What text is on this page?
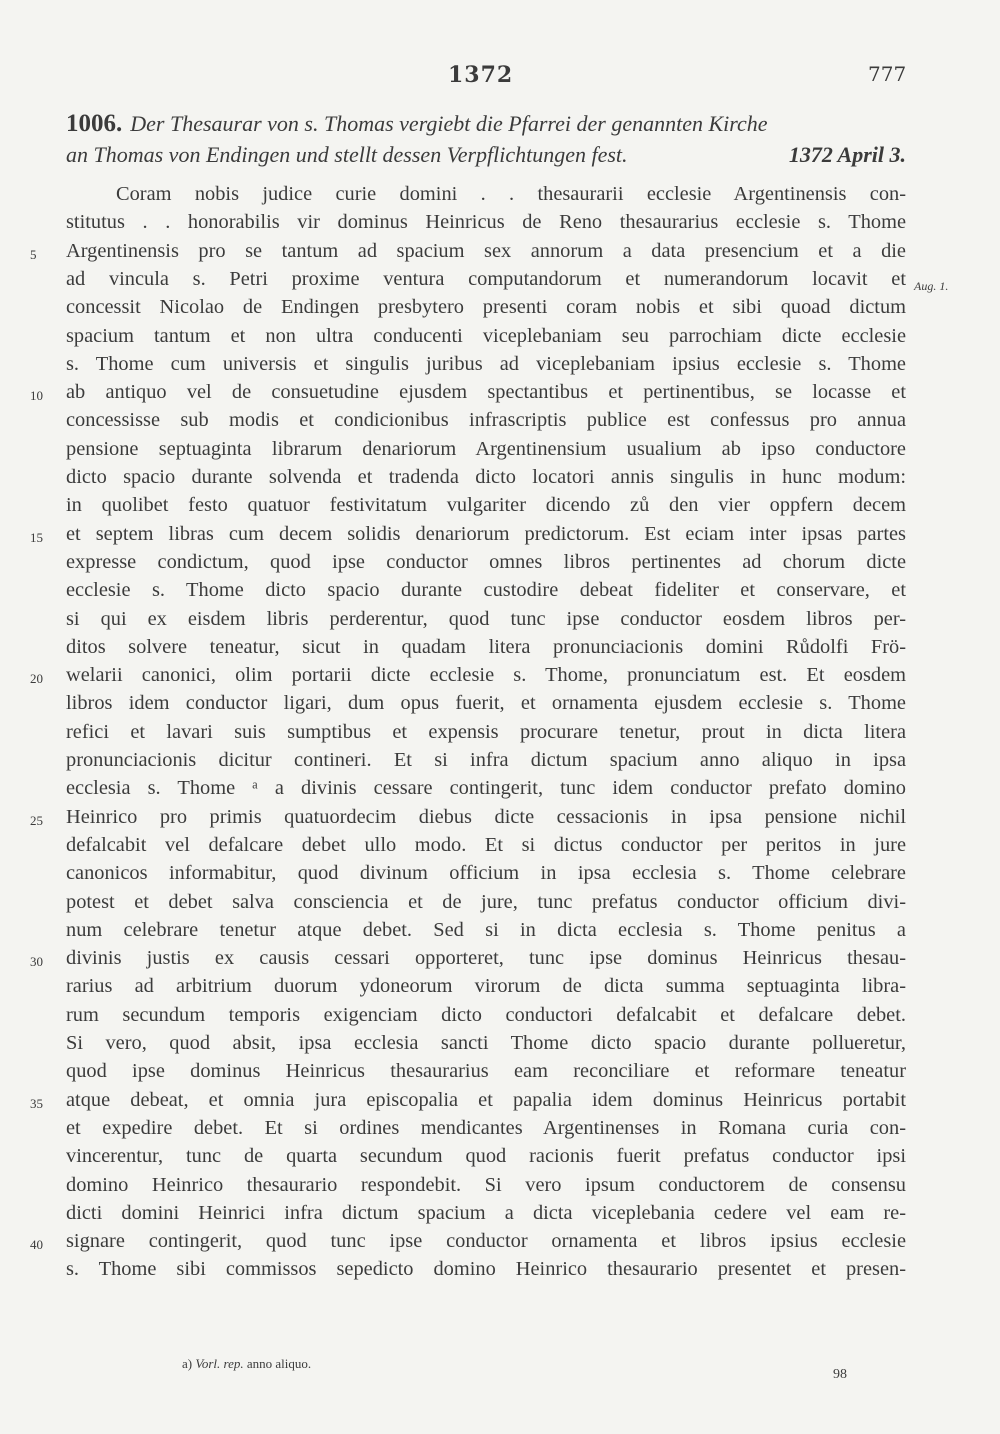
1372	777
1006. Der Thesaurar von s. Thomas vergiebt die Pfarrei der genannten Kirche
an Thomas von Endingen und stellt dessen Verpflichtungen fest.	1372 April 3.
Aug. 1.
Coram nobis judice curie domini . . thesaurarii ecclesie Argentinensis con-
stitutus . . honorabilis vir dominus Heinricus de Reno thesaurarius ecclesie s. Thome
Argentinensis pro se tantum ad spacium sex annorum a data presencium et a die
ad vincula s. Petri proxime ventura computandorum et numerandorum locavit et
concessit Nicolao de Endingen presbytero presenti coram nobis et sibi quoad dictum
spacium tantum et non ultra conducenti viceplebaniam seu parrochiam dicte ecclesie
s. Thome cum universis et singulis juribus ad viceplebaniam ipsius ecclesie s. Thome
ab antiquo vel de consuetudine ejusdem spectantibus et pertinentibus, se locasse et
concessisse sub modis et condicionibus infrascriptis publice est confessus pro annua
pensione septuaginta librarum denariorum Argentinensium usualium ab ipso conductore
dicto spacio durante solvenda et tradenda dicto locatori annis singulis in hunc modum:
in quolibet festo quatuor festivitatum vulgariter dicendo zů den vier oppfern decem
et septem libras cum decem solidis denariorum predictorum. Est eciam inter ipsas partes
expresse condictum, quod ipse conductor omnes libros pertinentes ad chorum dicte
ecclesie s. Thome dicto spacio durante custodire debeat fideliter et conservare, et
si qui ex eisdem libris perderentur, quod tunc ipse conductor eosdem libros per-
ditos solvere teneatur, sicut in quadam litera pronunciacionis domini Růdolfi Frö-
welarii canonici, olim portarii dicte ecclesie s. Thome, pronunciatum est. Et eosdem
libros idem conductor ligari, dum opus fuerit, et ornamenta ejusdem ecclesie s. Thome
refici et lavari suis sumptibus et expensis procurare tenetur, prout in dicta litera
pronunciacionis dicitur contineri. Et si infra dictum spacium anno aliquo in ipsa
ecclesia s. Thome ᵃ a divinis cessare contingerit, tunc idem conductor prefato domino
Heinrico pro primis quatuordecim diebus dicte cessacionis in ipsa pensione nichil
defalcabit vel defalcare debet ullo modo. Et si dictus conductor per peritos in jure
canonicos informabitur, quod divinum officium in ipsa ecclesia s. Thome celebrare
potest et debet salva consciencia et de jure, tunc prefatus conductor officium divi-
num celebrare tenetur atque debet. Sed si in dicta ecclesia s. Thome penitus a
divinis justis ex causis cessari opporteret, tunc ipse dominus Heinricus thesau-
rarius ad arbitrium duorum ydoneorum virorum de dicta summa septuaginta libra-
rum secundum temporis exigenciam dicto conductori defalcabit et defalcare debet.
Si vero, quod absit, ipsa ecclesia sancti Thome dicto spacio durante pollueretur,
quod ipse dominus Heinricus thesaurarius eam reconciliare et reformare teneatur
atque debeat, et omnia jura episcopalia et papalia idem dominus Heinricus portabit
et expedire debet. Et si ordines mendicantes Argentinenses in Romana curia con-
vincerentur, tunc de quarta secundum quod racionis fuerit prefatus conductor ipsi
domino Heinrico thesaurario respondebit. Si vero ipsum conductorem de consensu
dicti domini Heinrici infra dictum spacium a dicta viceplebania cedere vel eam re-
signare contingerit, quod tunc ipse conductor ornamenta et libros ipsius ecclesie
s. Thome sibi commissos sepedicto domino Heinrico thesaurario presentet et presen-
5
10
15
20
25
30
35
40
a) Vorl. rep. anno aliquo.
98
